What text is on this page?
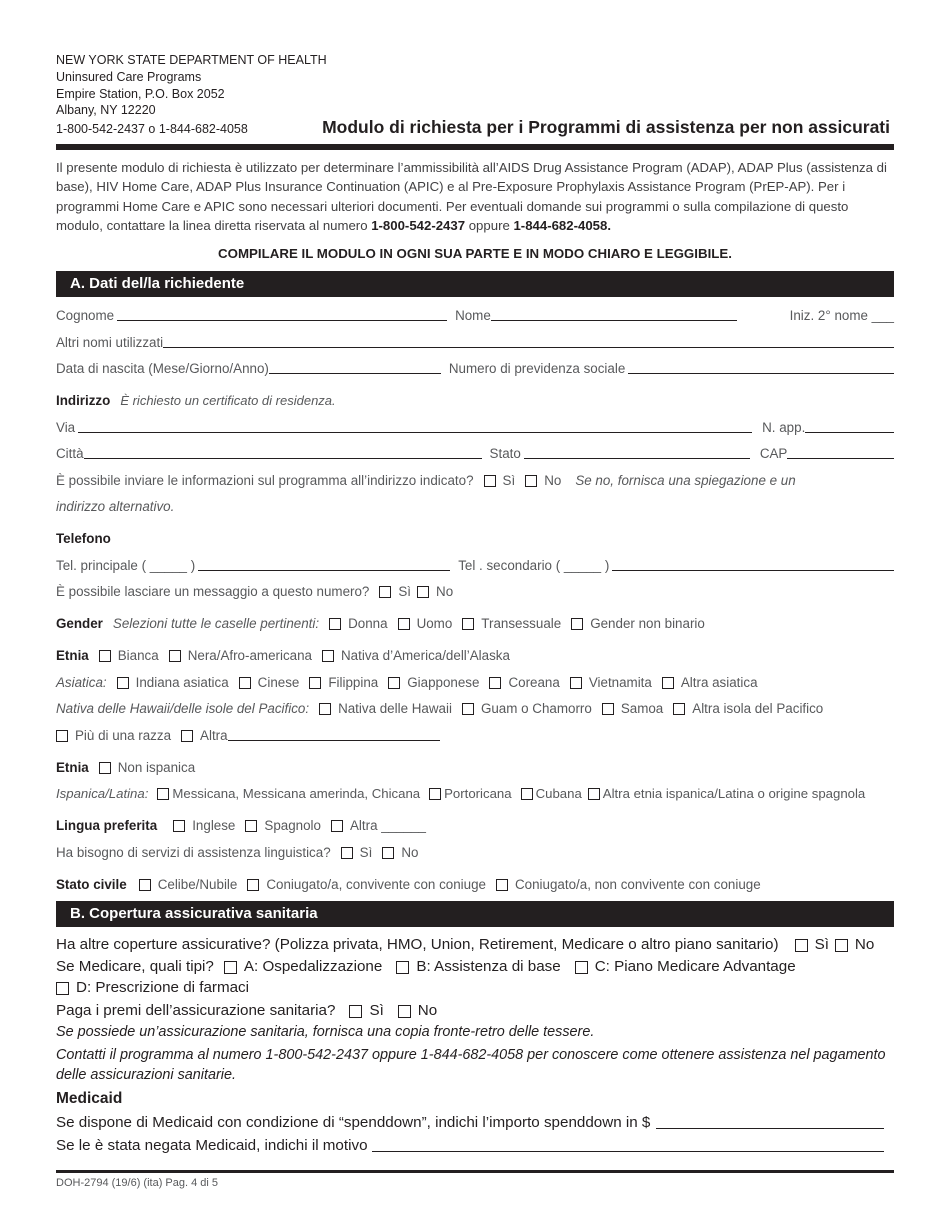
NEW YORK STATE DEPARTMENT OF HEALTH
Uninsured Care Programs
Empire Station, P.O. Box 2052
Albany, NY 12220
1-800-542-2437 o 1-844-682-4058	Modulo di richiesta per i Programmi di assistenza per non assicurati
Il presente modulo di richiesta è utilizzato per determinare l’ammissibilità all’AIDS Drug Assistance Program (ADAP), ADAP Plus (assistenza di base), HIV Home Care, ADAP Plus Insurance Continuation (APIC) e al Pre-Exposure Prophylaxis Assistance Program (PrEP-AP). Per i programmi Home Care e APIC sono necessari ulteriori documenti. Per eventuali domande sui programmi o sulla compilazione di questo modulo, contattare la linea diretta riservata al numero 1-800-542-2437 oppure 1-844-682-4058.
COMPILARE IL MODULO IN OGNI SUA PARTE E IN MODO CHIARO E LEGGIBILE.
A. Dati del/la richiedente
Cognome	Nome	Iniz. 2° nome ___
Altri nomi utilizzati
Data di nascita (Mese/Giorno/Anno)	Numero di previdenza sociale
Indirizzo È richiesto un certificato di residenza.
Via	N. app.
Città	Stato	CAP
È possibile inviare le informazioni sul programma all’indirizzo indicato? Sì No Se no, fornisca una spiegazione e un
indirizzo alternativo.
Telefono
Tel. principale ( _____ )	Tel . secondario ( _____ )
È possibile lasciare un messaggio a questo numero? Sì No
Gender Selezioni tutte le caselle pertinenti: Donna Uomo Transessuale Gender non binario
Etnia Bianca Nera/Afro-americana Nativa d’America/dell’Alaska
Asiatica: Indiana asiatica Cinese Filippina Giapponese Coreana Vietnamita Altra asiatica
Nativa delle Hawaii/delle isole del Pacifico: Nativa delle Hawaii Guam o Chamorro Samoa Altra isola del Pacifico
Più di una razza Altra
Etnia Non ispanica
Ispanica/Latina: Messicana, Messicana amerinda, Chicana Portoricana Cubana Altra etnia ispanica/Latina o origine spagnola
Lingua preferita	Inglese Spagnolo Altra ______
Ha bisogno di servizi di assistenza linguistica? Sì No
Stato civile Celibe/Nubile Coniugato/a, convivente con coniuge Coniugato/a, non convivente con coniuge
B. Copertura assicurativa sanitaria
Ha altre coperture assicurative? (Polizza privata, HMO, Union, Retirement, Medicare o altro piano sanitario) Sì No
Se Medicare, quali tipi? A: Ospedalizzazione B: Assistenza di base C: Piano Medicare Advantage
D: Prescrizione di farmaci
Paga i premi dell’assicurazione sanitaria? Sì No
Se possiede un’assicurazione sanitaria, fornisca una copia fronte-retro delle tessere.
Contatti il programma al numero 1-800-542-2437 oppure 1-844-682-4058 per conoscere come ottenere assistenza nel pagamento delle assicurazioni sanitarie.
Medicaid
Se dispone di Medicaid con condizione di “spenddown”, indichi l’importo spenddown in $
Se le è stata negata Medicaid, indichi il motivo
DOH-2794 (19/6) (ita) Pag. 4 di 5
